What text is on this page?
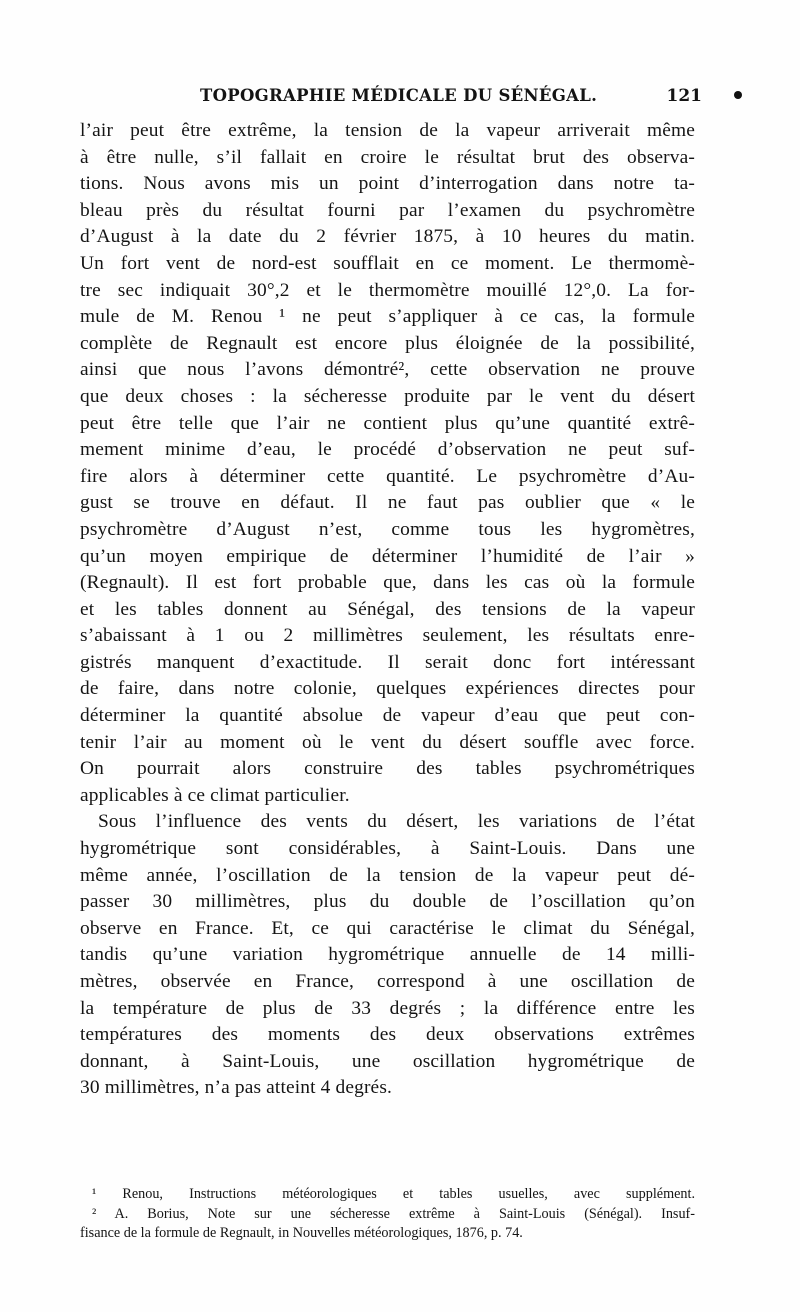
TOPOGRAPHIE MÉDICALE DU SÉNÉGAL.	121
l’air peut être extrême, la tension de la vapeur arriverait même
à être nulle, s’il fallait en croire le résultat brut des observa-
tions. Nous avons mis un point d’interrogation dans notre ta-
bleau près du résultat fourni par l’examen du psychromètre
d’August à la date du 2 février 1875, à 10 heures du matin.
Un fort vent de nord-est soufflait en ce moment. Le thermomè-
tre sec indiquait 30°,2 et le thermomètre mouillé 12°,0. La for-
mule de M. Renou ¹ ne peut s’appliquer à ce cas, la formule
complète de Regnault est encore plus éloignée de la possibilité,
ainsi que nous l’avons démontré², cette observation ne prouve
que deux choses : la sécheresse produite par le vent du désert
peut être telle que l’air ne contient plus qu’une quantité extrê-
mement minime d’eau, le procédé d’observation ne peut suf-
fire alors à déterminer cette quantité. Le psychromètre d’Au-
gust se trouve en défaut. Il ne faut pas oublier que « le
psychromètre d’August n’est, comme tous les hygromètres,
qu’un moyen empirique de déterminer l’humidité de l’air »
(Regnault). Il est fort probable que, dans les cas où la formule
et les tables donnent au Sénégal, des tensions de la vapeur
s’abaissant à 1 ou 2 millimètres seulement, les résultats enre-
gistrés manquent d’exactitude. Il serait donc fort intéressant
de faire, dans notre colonie, quelques expériences directes pour
déterminer la quantité absolue de vapeur d’eau que peut con-
tenir l’air au moment où le vent du désert souffle avec force.
On pourrait alors construire des tables psychrométriques
applicables à ce climat particulier.
Sous l’influence des vents du désert, les variations de l’état
hygrométrique sont considérables, à Saint-Louis. Dans une
même année, l’oscillation de la tension de la vapeur peut dé-
passer 30 millimètres, plus du double de l’oscillation qu’on
observe en France. Et, ce qui caractérise le climat du Sénégal,
tandis qu’une variation hygrométrique annuelle de 14 milli-
mètres, observée en France, correspond à une oscillation de
la température de plus de 33 degrés ; la différence entre les
températures des moments des deux observations extrêmes
donnant, à Saint-Louis, une oscillation hygrométrique de
30 millimètres, n’a pas atteint 4 degrés.
¹ Renou, Instructions météorologiques et tables usuelles, avec supplément.
² A. Borius, Note sur une sécheresse extrême à Saint-Louis (Sénégal). Insuf-
fisance de la formule de Regnault, in Nouvelles météorologiques, 1876, p. 74.
